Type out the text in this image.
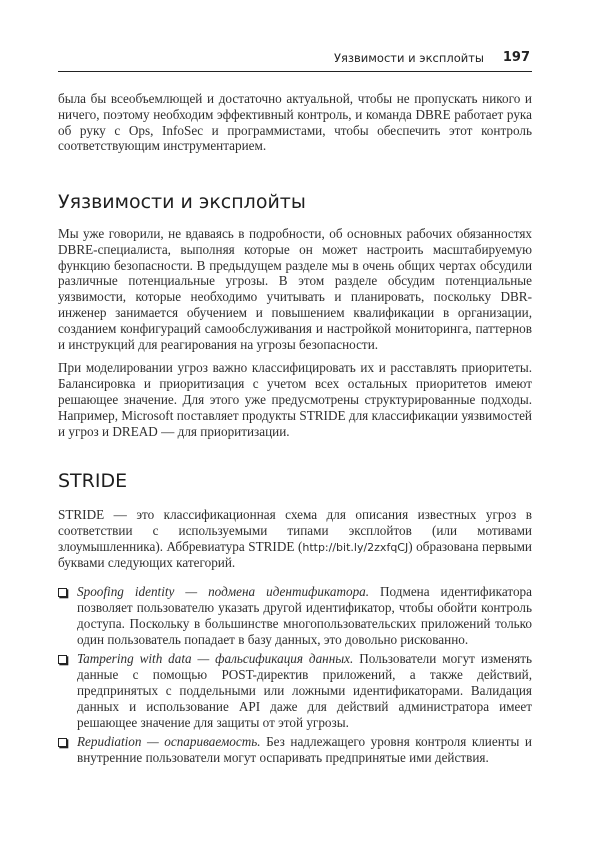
Уязвимости и эксплойты 197

была бы всеобъемлющей и достаточно актуальной, чтобы не пропускать никого и ничего, поэтому необходим эффективный контроль, и команда DBRE работает рука об руку с Ops, InfoSec и программистами, чтобы обеспечить этот контроль соответствующим инструментарием.

Уязвимости и эксплойты

Мы уже говорили, не вдаваясь в подробности, об основных рабочих обязанностях DBRE-специалиста, выполняя которые он может настроить масштабируемую функцию безопасности. В предыдущем разделе мы в очень общих чертах обсудили различные потенциальные угрозы. В этом разделе обсудим потенциальные уязвимости, которые необходимо учитывать и планировать, поскольку DBR-инженер занимается обучением и повышением квалификации в организации, созданием конфигураций самообслуживания и настройкой мониторинга, паттернов и инструкций для реагирования на угрозы безопасности.

При моделировании угроз важно классифицировать их и расставлять приоритеты. Балансировка и приоритизация с учетом всех остальных приоритетов имеют решающее значение. Для этого уже предусмотрены структурированные подходы. Например, Microsoft поставляет продукты STRIDE для классификации уязвимостей и угроз и DREAD — для приоритизации.

STRIDE

STRIDE — это классификационная схема для описания известных угроз в соответствии с используемыми типами эксплойтов (или мотивами злоумышленника). Аббревиатура STRIDE (http://bit.ly/2zxfqCJ) образована первыми буквами следующих категорий.

Spoofing identity — подмена идентификатора. Подмена идентификатора позволяет пользователю указать другой идентификатор, чтобы обойти контроль доступа. Поскольку в большинстве многопользовательских приложений только один пользователь попадает в базу данных, это довольно рискованно.
Tampering with data — фальсификация данных. Пользователи могут изменять данные с помощью POST-директив приложений, а также действий, предпринятых с поддельными или ложными идентификаторами. Валидация данных и использование API даже для действий администратора имеет решающее значение для защиты от этой угрозы.
Repudiation — оспариваемость. Без надлежащего уровня контроля клиенты и внутренние пользователи могут оспаривать предпринятые ими действия.
